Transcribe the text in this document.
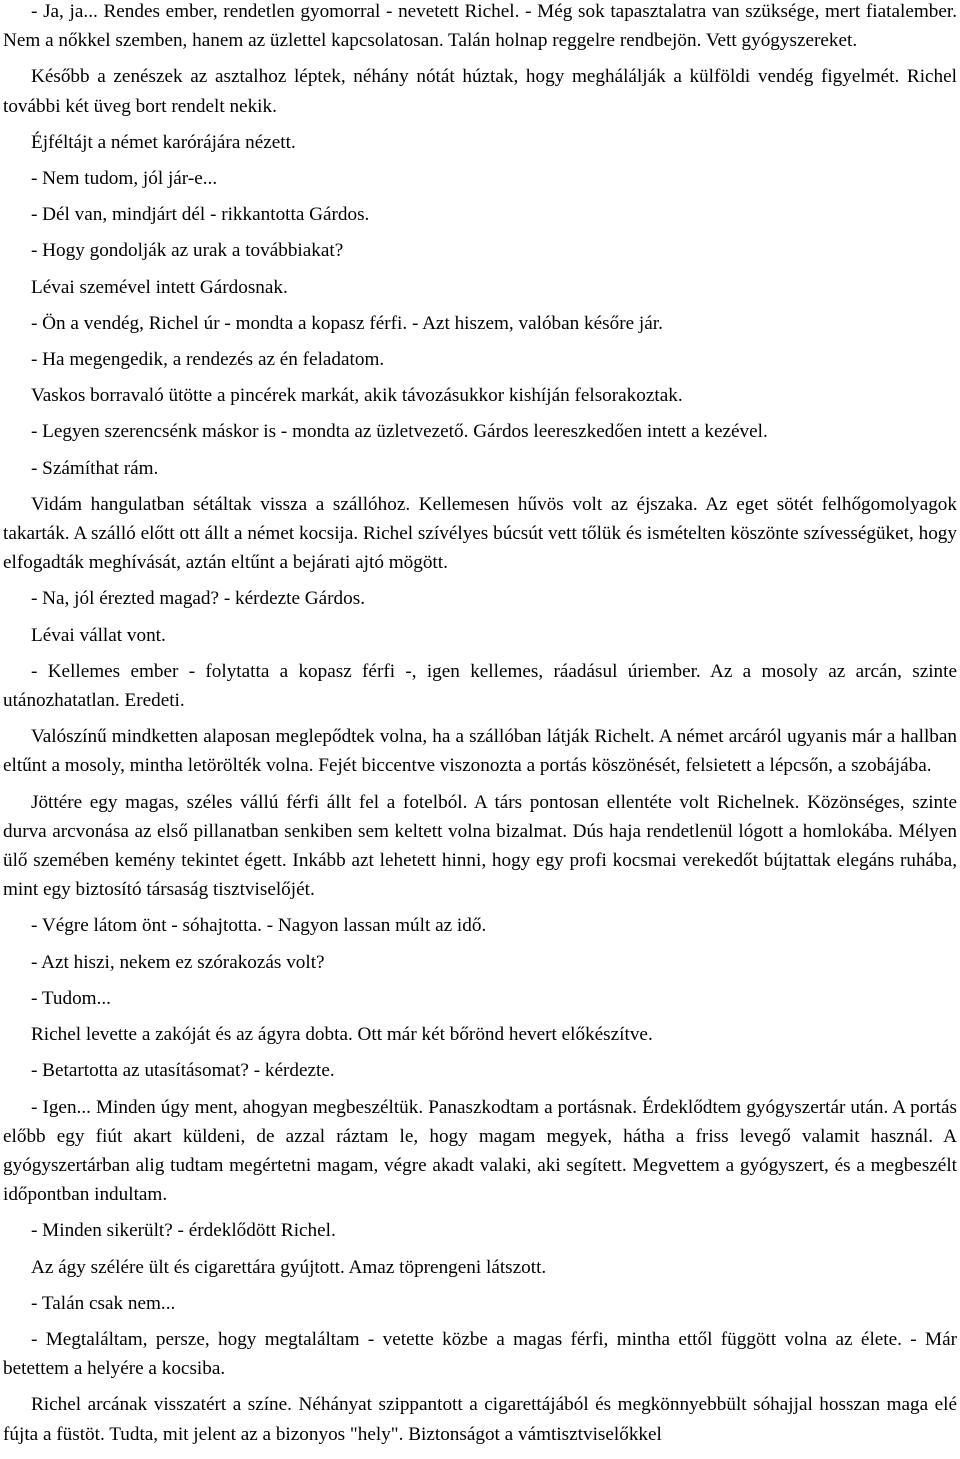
- Ja, ja... Rendes ember, rendetlen gyomorral - nevetett Richel. - Még sok tapasztalatra van szüksége, mert fiatalember. Nem a nőkkel szemben, hanem az üzlettel kapcsolatosan. Talán holnap reggelre rendbejön. Vett gyógyszereket.

Később a zenészek az asztalhoz léptek, néhány nótát húztak, hogy meghálálják a külföldi vendég figyelmét. Richel további két üveg bort rendelt nekik.

Éjféltájt a német karórájára nézett.

- Nem tudom, jól jár-e...

- Dél van, mindjárt dél - rikkantotta Gárdos.

- Hogy gondolják az urak a továbbiakat?

Lévai szemével intett Gárdosnak.

- Ön a vendég, Richel úr - mondta a kopasz férfi. - Azt hiszem, valóban későre jár.

- Ha megengedik, a rendezés az én feladatom.

Vaskos borravaló ütötte a pincérek markát, akik távozásukkor kishíján felsorakoztak.

- Legyen szerencsénk máskor is - mondta az üzletvezető. Gárdos leereszkedően intett a kezével.

- Számíthat rám.

Vidám hangulatban sétáltak vissza a szállóhoz. Kellemesen hűvös volt az éjszaka. Az eget sötét felhőgomolyagok takarták. A szálló előtt ott állt a német kocsija. Richel szívélyes búcsút vett tőlük és ismételten köszönte szívességüket, hogy elfogadták meghívását, aztán eltűnt a bejárati ajtó mögött.

- Na, jól érezted magad? - kérdezte Gárdos.

Lévai vállat vont.

- Kellemes ember - folytatta a kopasz férfi -, igen kellemes, ráadásul úriember. Az a mosoly az arcán, szinte utánozhatatlan. Eredeti.

Valószínű mindketten alaposan meglepődtek volna, ha a szállóban látják Richelt. A német arcáról ugyanis már a hallban eltűnt a mosoly, mintha letörölték volna. Fejét biccentve viszonozta a portás köszönését, felsietett a lépcsőn, a szobájába.

Jöttére egy magas, széles vállú férfi állt fel a fotelból. A társ pontosan ellentéte volt Richelnek. Közönséges, szinte durva arcvonása az első pillanatban senkiben sem keltett volna bizalmat. Dús haja rendetlenül lógott a homlokába. Mélyen ülő szemében kemény tekintet égett. Inkább azt lehetett hinni, hogy egy profi kocsmai verekedőt bújtattak elegáns ruhába, mint egy biztosító társaság tisztviselőjét.

- Végre látom önt - sóhajtotta. - Nagyon lassan múlt az idő.

- Azt hiszi, nekem ez szórakozás volt?

- Tudom...

Richel levette a zakóját és az ágyra dobta. Ott már két bőrönd hevert előkészítve.

- Betartotta az utasításomat? - kérdezte.

- Igen... Minden úgy ment, ahogyan megbeszéltük. Panaszkodtam a portásnak. Érdeklődtem gyógyszertár után. A portás előbb egy fiút akart küldeni, de azzal ráztam le, hogy magam megyek, hátha a friss levegő valamit használ. A gyógyszertárban alig tudtam megértetni magam, végre akadt valaki, aki segített. Megvettem a gyógyszert, és a megbeszélt időpontban indultam.

- Minden sikerült? - érdeklődött Richel.

Az ágy szélére ült és cigarettára gyújtott. Amaz töprengeni látszott.

- Talán csak nem...

- Megtaláltam, persze, hogy megtaláltam - vetette közbe a magas férfi, mintha ettől függött volna az élete. - Már betettem a helyére a kocsiba.

Richel arcának visszatért a színe. Néhányat szippantott a cigarettájából és megkönnyebbült sóhajjal hosszan maga elé fújta a füstöt. Tudta, mit jelent az a bizonyos "hely". Biztonságot a vámtisztviselőkkel
